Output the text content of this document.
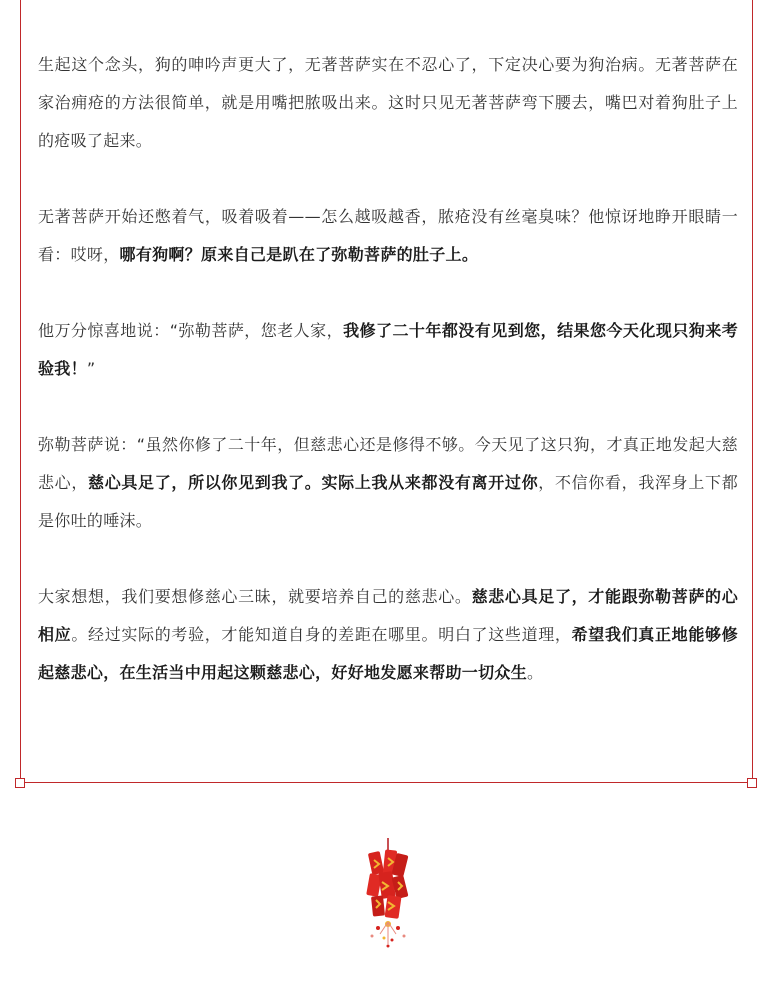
生起这个念头，狗的呻吟声更大了，无著菩萨实在不忍心了，下定决心要为狗治病。无著菩萨在家治痈疮的方法很简单，就是用嘴把脓吸出来。这时只见无著菩萨弯下腰去，嘴巴对着狗肚子上的疮吸了起来。

无著菩萨开始还憋着气，吸着吸着——怎么越吸越香，脓疮没有丝毫臭味？他惊讶地睁开眼睛一看：哎呀，哪有狗啊？原来自己是趴在了弥勒菩萨的肚子上。

他万分惊喜地说：“弥勒菩萨，您老人家，我修了二十年都没有见到您，结果您今天化现只狗来考验我！”

弥勒菩萨说：“虽然你修了二十年，但慈悲心还是修得不够。今天见了这只狗，才真正地发起大慈悲心，慈心具足了，所以你见到我了。实际上我从来都没有离开过你，不信你看，我浑身上下都是你吐的唾沫。

大家想想，我们要想修慈心三昧，就要培养自己的慈悲心。慈悲心具足了，才能跟弥勒菩萨的心相应。经过实际的考验，才能知道自身的差距在哪里。明白了这些道理，希望我们真正地能够修起慈悲心，在生活当中用起这颗慈悲心，好好地发愿来帮助一切众生。
